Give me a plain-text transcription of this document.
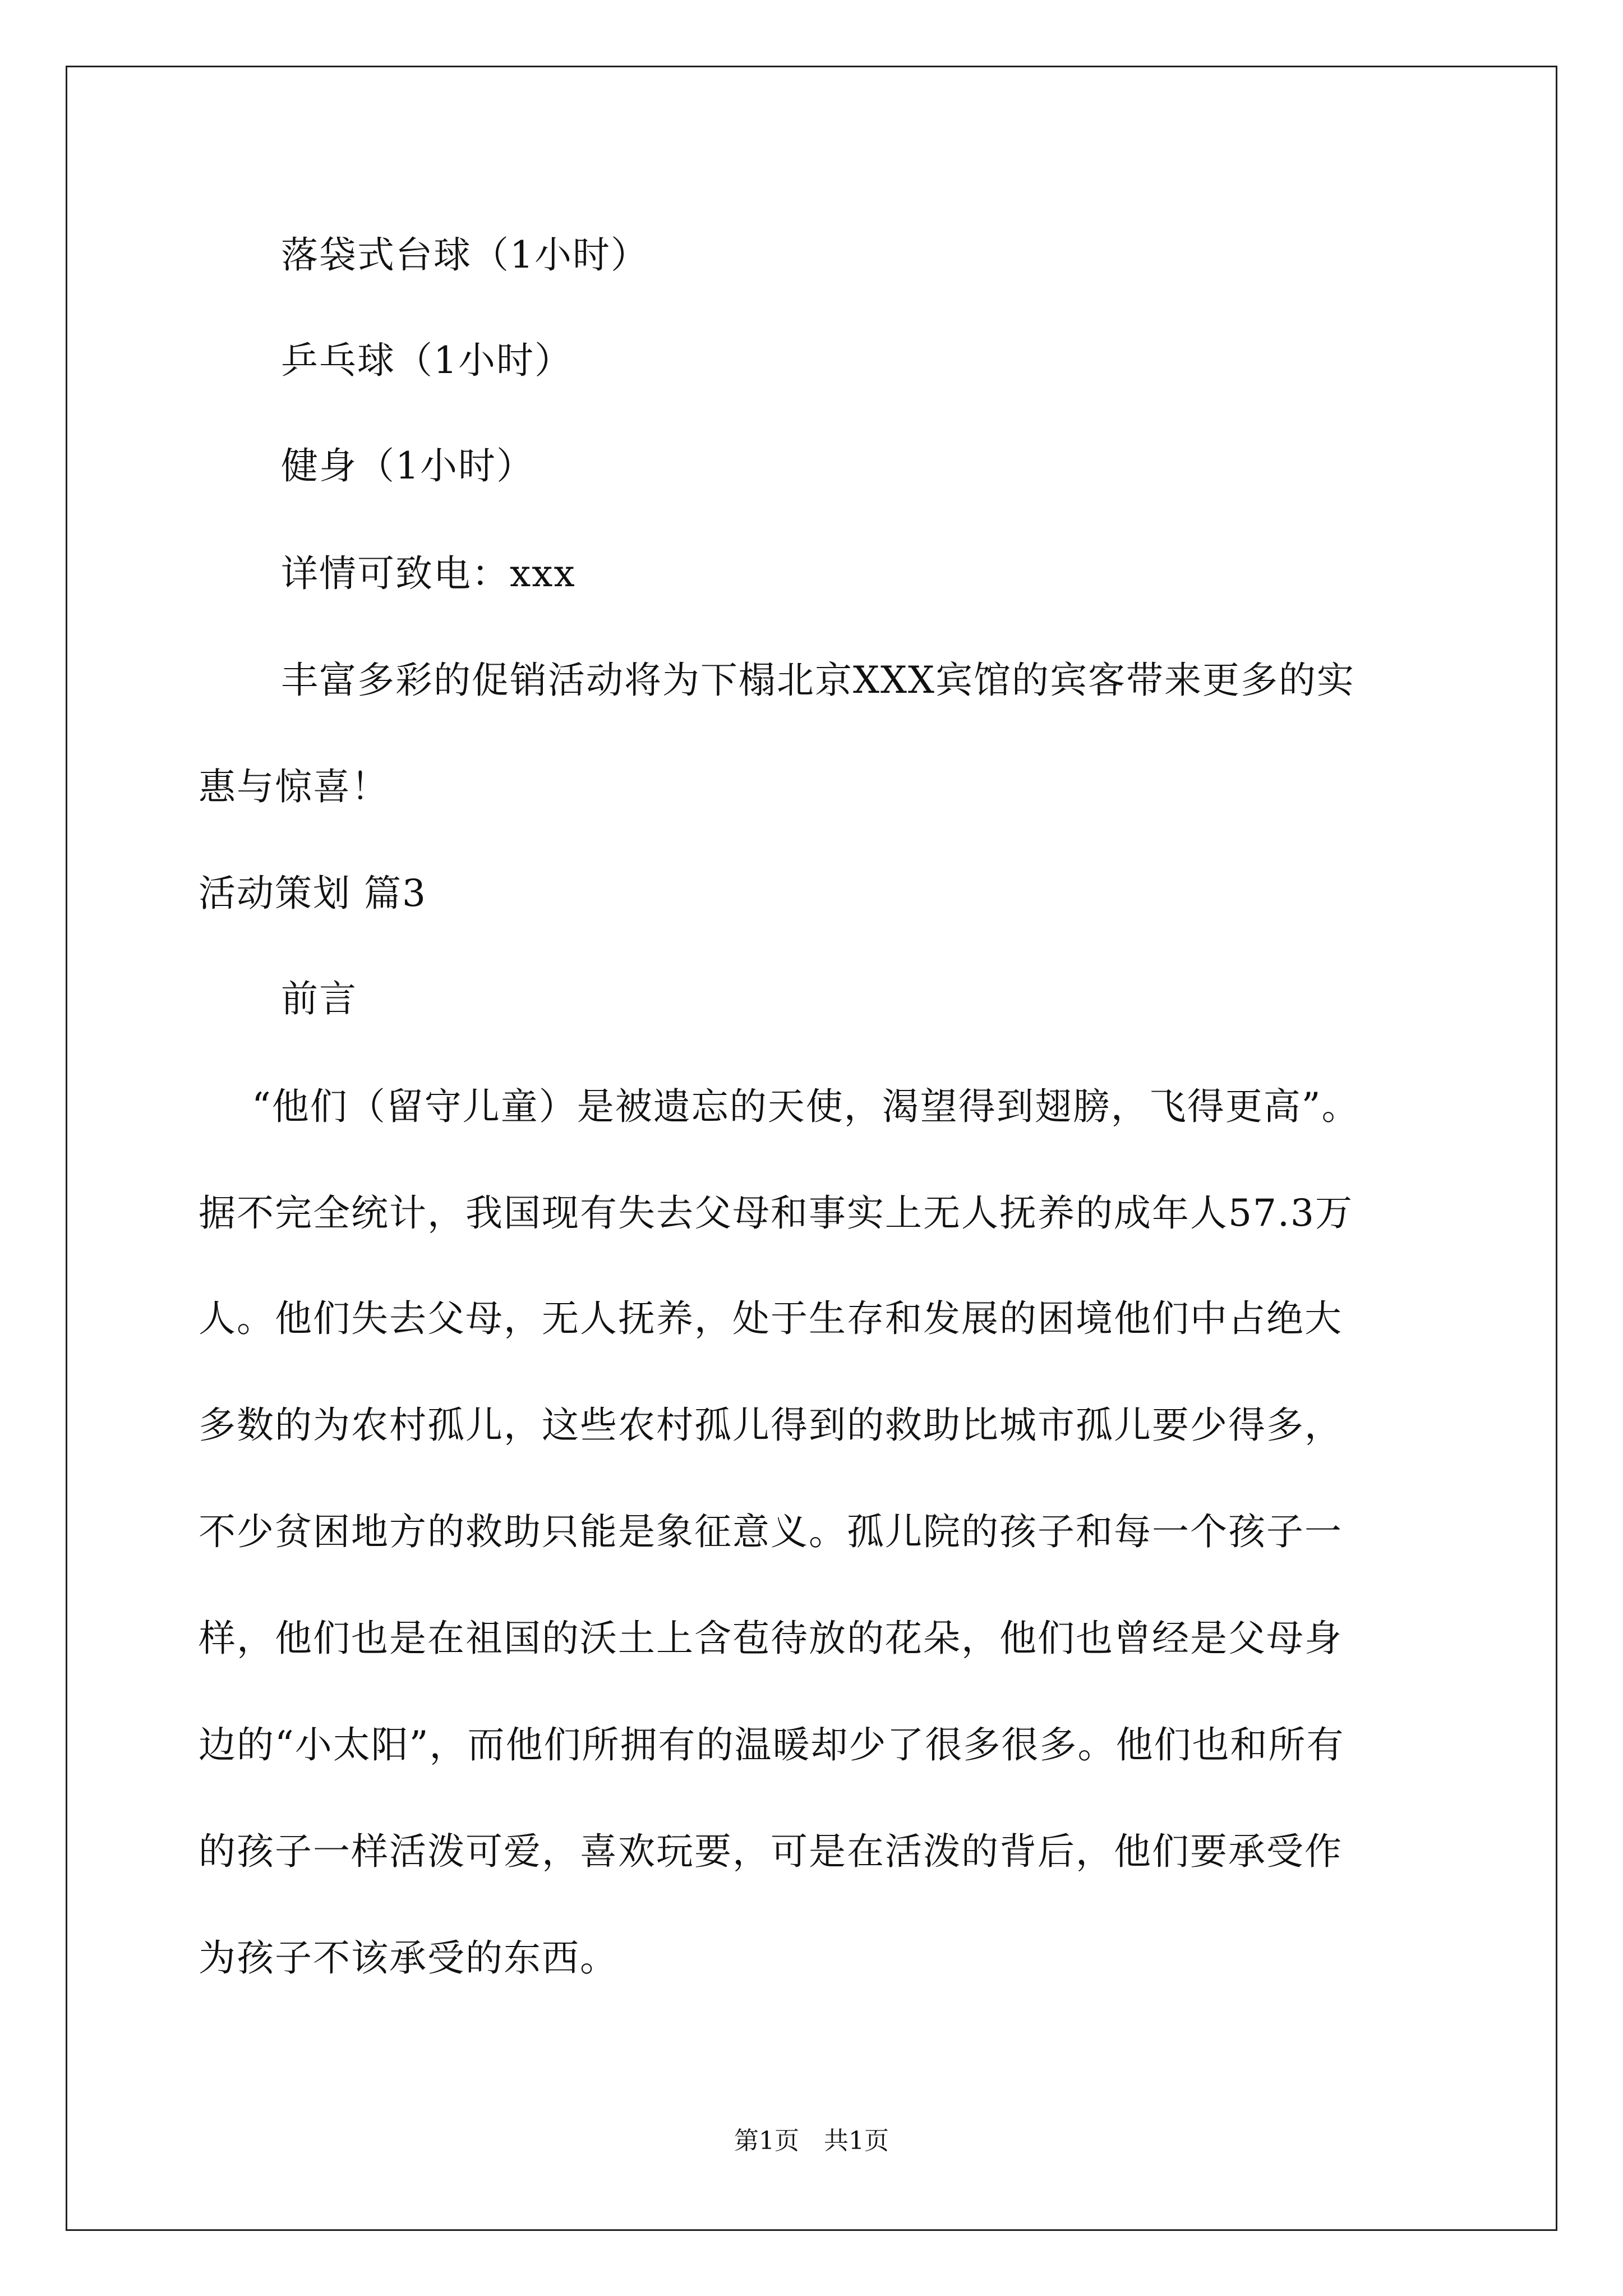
落袋式台球（1小时）
乒乓球（1小时）
健身（1小时）
详情可致电：xxx
丰富多彩的促销活动将为下榻北京XXX宾馆的宾客带来更多的实
惠与惊喜！
活动策划 篇3
前言
“他们（留守儿童）是被遗忘的天使，渴望得到翅膀，飞得更高”。
据不完全统计，我国现有失去父母和事实上无人抚养的成年人57.3万
人。他们失去父母，无人抚养，处于生存和发展的困境他们中占绝大
多数的为农村孤儿，这些农村孤儿得到的救助比城市孤儿要少得多，
不少贫困地方的救助只能是象征意义。孤儿院的孩子和每一个孩子一
样，他们也是在祖国的沃土上含苞待放的花朵，他们也曾经是父母身
边的“小太阳”，而他们所拥有的温暖却少了很多很多。他们也和所有
的孩子一样活泼可爱，喜欢玩要，可是在活泼的背后，他们要承受作
为孩子不该承受的东西。
第1页　共1页
